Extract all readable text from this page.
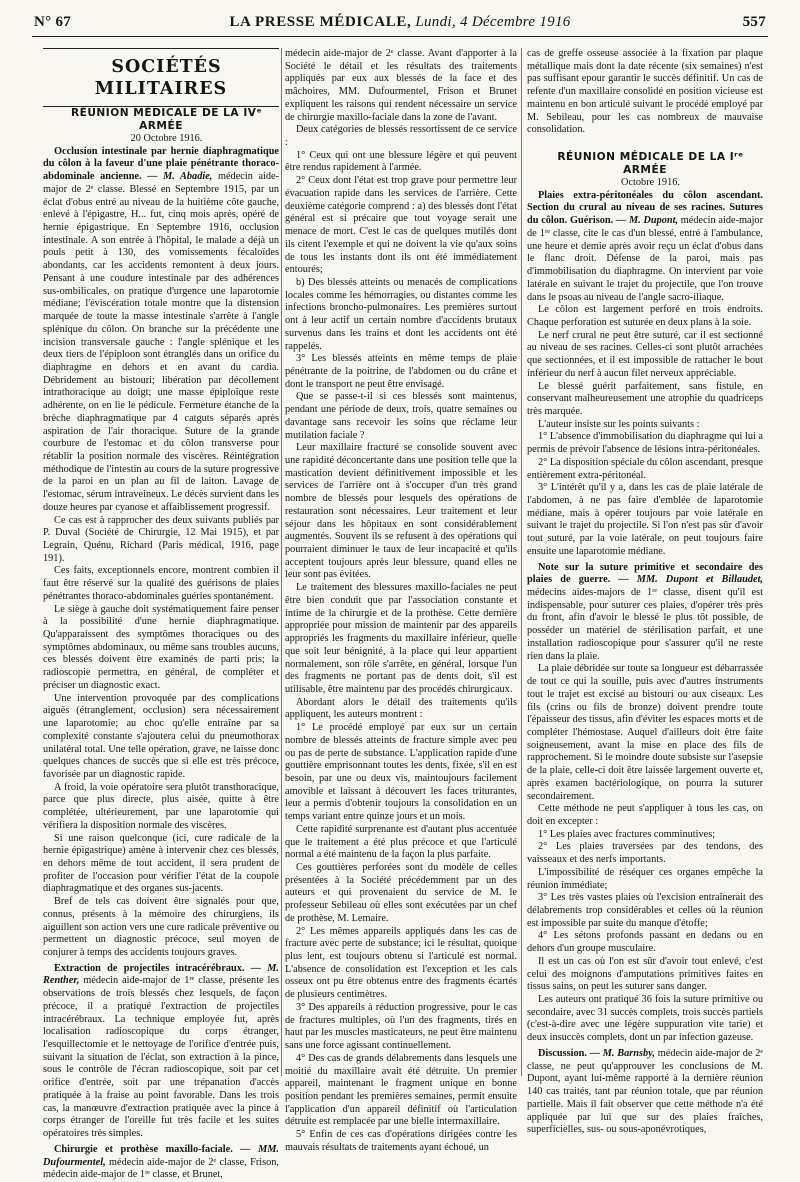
N° 67	LA PRESSE MÉDICALE, Lundi, 4 Décembre 1916	557

SOCIÉTÉS MILITAIRES

RÉUNION MÉDICALE DE LA IVᵉ ARMÉE

20 Octobre 1916.

Occlusion intestinale par hernie diaphragmatique du côlon à la faveur d'une plaie pénétrante thoraco-abdominale ancienne. — M. Abadie, médecin aide-major de 2ᵉ classe. Blessé en Septembre 1915, par un éclat d'obus entré au niveau de la huitième côte gauche, enlevé à l'épigastre, H... fut, cinq mois après, opéré de hernie épigastrique. En Septembre 1916, occlusion intestinale. A son entrée à l'hôpital, le malade a déjà un pouls petit à 130, des vomissements fécaloïdes abondants, car les accidents remontent à deux jours. Pensant à une coudure intestinale par des adhérences sus-ombilicales, on pratique d'urgence une laparotomie médiane; l'éviscération totale montre que la distension marquée de toute la masse intestinale s'arrête à l'angle splénique du côlon. On branche sur la précédente une incision transversale gauche : l'angle splénique et les deux tiers de l'épiploon sont étranglés dans un orifice du diaphragme en dehors et en avant du cardia. Débridement au bistouri; libération par décollement intrathoracique au doigt; une masse épiploïque reste adhérente, on en lie le pédicule. Fermeture étanche de la brèche diaphragmatique par 4 catguts séparés après aspiration de l'air thoracique. Suture de la grande courbure de l'estomac et du côlon transverse pour rétablir la position normale des viscères. Réintégration méthodique de l'intestin au cours de la suture progressive de la paroi en un plan au fil de laiton. Lavage de l'estomac, sérum intraveineux. Le décès survient dans les douze heures par cyanose et affaiblissement progressif.

Ce cas est à rapprocher des deux suivants publiés par P. Duval (Société de Chirurgie, 12 Mai 1915), et par Legrain, Quénu, Richard (Paris médical, 1916, page 191).

Ces faits, exceptionnels encore, montrent combien il faut être réservé sur la qualité des guérisons de plaies pénétrantes thoraco-abdominales guéries spontanément.

Le siège à gauche doit systématiquement faire penser à la possibilité d'une hernie diaphragmatique. Qu'apparaissent des symptômes thoraciques ou des symptômes abdominaux, ou même sans troubles aucuns, ces blessés doivent être examinés de parti pris; la radioscopie permettra, en général, de compléter et préciser un diagnostic exact.

Une intervention provoquée par des complications aiguës (étranglement, occlusion) sera nécessairement une laparotomie; au choc qu'elle entraîne par sa complexité constante s'ajoutera celui du pneumothorax unilatéral total. Une telle opération, grave, ne laisse donc quelques chances de succès que si elle est très précoce, favorisée par un diagnostic rapide.

A froid, la voie opératoire sera plutôt transthoracique, parce que plus directe, plus aisée, quitte à être complétée, ultérieurement, par une laparotomie qui vérifiera la disposition normale des viscères.

Si une raison quelconque (ici, cure radicale de la hernie épigastrique) amène à intervenir chez ces blessés, en dehors même de tout accident, il sera prudent de profiter de l'occasion pour vérifier l'état de la coupole diaphragmatique et des organes sus-jacents.

Bref de tels cas doivent être signalés pour que, connus, présents à la mémoire des chirurgiens, ils aiguillent son action vers une cure radicale préventive ou permettent un diagnostic précoce, seul moyen de conjurer à temps des accidents toujours graves.

Extraction de projectiles intracérébraux. — M. Renther, médecin aide-major de 1ʳᵉ classe, présente les observations de trois blessés chez lesquels, de façon précoce, il a pratiqué l'extraction de projectiles intracérébraux. La technique employée fut, après localisation radioscopique du corps étranger, l'esquillectomie et le nettoyage de l'orifice d'entrée puis, suivant la situation de l'éclat, son extraction à la pince, sous le contrôle de l'écran radioscopique, soit par cet orifice d'entrée, soit par une trépanation d'accès pratiquée à la fraise au point favorable. Dans les trois cas, la manœuvre d'extraction pratiquée avec la pince à corps étranger de l'oreille fut très facile et les suites opératoires très simples.

Chirurgie et prothèse maxillo-faciale. — MM. Dufourmentel, médecin aide-major de 2ᵉ classe, Frison, médecin aide-major de 1ʳᵉ classe, et Brunet,

médecin aide-major de 2ᵉ classe. Avant d'apporter à la Société le détail et les résultats des traitements appliqués par eux aux blessés de la face et des mâchoires, MM. Dufourmentel, Frison et Brunet expliquent les raisons qui rendent nécessaire un service de chirurgie maxillo-faciale dans la zone de l'avant.

Deux catégories de blessés ressortissent de ce service :

1° Ceux qui ont une blessure légère et qui peuvent être rendus rapidement à l'armée.

2° Ceux dont l'état est trop grave pour permettre leur évacuation rapide dans les services de l'arrière. Cette deuxième catégorie comprend : a) des blessés dont l'état général est si précaire que tout voyage serait une menace de mort. C'est le cas de quelques mutilés dont ils citent l'exemple et qui ne doivent la vie qu'aux soins de tous les instants dont ils ont été immédiatement entourés;

b) Des blessés atteints ou menacés de complications locales comme les hémorragies, ou distantes comme les infections broncho-pulmonaires. Les premières surtout ont à leur actif un certain nombre d'accidents brutaux survenus dans les trains et dont les accidents ont été rappelés.

3° Les blessés atteints en même temps de plaie pénétrante de la poitrine, de l'abdomen ou du crâne et dont le transport ne peut être envisagé.

Que se passe-t-il si ces blessés sont maintenus, pendant une période de deux, trois, quatre semaines ou davantage sans recevoir les soins que réclame leur mutilation faciale ?

Leur maxillaire fracturé se consolide souvent avec une rapidité déconcertante dans une position telle que la mastication devient définitivement impossible et les services de l'arrière ont à s'occuper d'un très grand nombre de blessés pour lesquels des opérations de restauration sont nécessaires. Leur traitement et leur séjour dans les hôpitaux en sont considérablement augmentés. Souvent ils se refusent à des opérations qui pourraient diminuer le taux de leur incapacité et qu'ils acceptent toujours après leur blessure, quand elles ne leur sont pas évitées.

Le traitement des blessures maxillo-faciales ne peut être bien conduit que par l'association constante et intime de la chirurgie et de la prothèse. Cette dernière appropriée pour mission de maintenir par des appareils appropriés les fragments du maxillaire inférieur, quelle que soit leur bénignité, à la place qui leur appartient normalement, son rôle s'arrête, en général, lorsque l'un des fragments ne portant pas de dents doit, s'il est utilisable, être maintenu par des procédés chirurgicaux.

Abordant alors le détail des traitements qu'ils appliquent, les auteurs montrent :

1° Le procédé employé par eux sur un certain nombre de blessés atteints de fracture simple avec peu ou pas de perte de substance. L'application rapide d'une gouttière emprisonnant toutes les dents, fixée, s'il en est besoin, par une ou deux vis, maintoujours facilement amovible et laissant à découvert les faces triturantes, leur a permis d'obtenir toujours la consolidation en un temps variant entre quinze jours et un mois.

Cette rapidité surprenante est d'autant plus accentuée que le traitement a été plus précoce et que l'articulé normal a été maintenu de la façon la plus parfaite.

Ces gouttières perforées sont du modèle de celles présentées à la Société précédemment par un des auteurs et qui provenaient du service de M. le professeur Sebileau où elles sont exécutées par un chef de prothèse, M. Lemaire.

2° Les mêmes appareils appliqués dans les cas de fracture avec perte de substance; ici le résultat, quoique plus lent, est toujours obtenu si l'articulé est normal. L'absence de consolidation est l'exception et les cals osseux ont pu être obtenus entre des fragments écartés de plusieurs centimètres.

3° Des appareils à réduction progressive, pour le cas de fractures multiples, où l'un des fragments, tirés en haut par les muscles masticateurs, ne peut être maintenu sans une force agissant continuellement.

4° Des cas de grands délabrements dans lesquels une moitié du maxillaire avait été détruite. Un premier appareil, maintenant le fragment unique en bonne position pendant les premières semaines, permit ensuite l'application d'un appareil définitif où l'articulation détruite est remplacée par une bielle intermaxillaire.

5° Enfin de ces cas d'opérations dirigées contre les mauvais résultats de traitements ayant échoué, un

cas de greffe osseuse associée à la fixation par plaque métallique mais dont la date récente (six semaines) n'est pas suffisant epour garantir le succès définitif. Un cas de refente d'un maxillaire consolidé en position vicieuse est maintenu en bon articulé suivant le procédé employé par M. Sebileau, pour les cas nombreux de mauvaise consolidation.

RÉUNION MÉDICALE DE LA Iʳᵉ ARMÉE

Octobre 1916.

Plaies extra-péritonéales du côlon ascendant. Section du crural au niveau de ses racines. Sutures du côlon. Guérison. — M. Dupont, médecin aide-major de 1ʳᵉ classe, cite le cas d'un blessé, entré à l'ambulance, une heure et demie après avoir reçu un éclat d'obus dans le flanc droit. Défense de la paroi, mais pas d'immobilisation du diaphragme. On intervient par voie latérale en suivant le trajet du projectile, que l'on trouve dans le psoas au niveau de l'angle sacro-iliaque.

Le côlon est largement perforé en trois endroits. Chaque perforation est suturée en deux plans à la soie.

Le nerf crural ne peut être suturé, car il est sectionné au niveau de ses racines. Celles-ci sont plutôt arrachées que sectionnées, et il est impossible de rattacher le bout inférieur du nerf à aucun filet nerveux appréciable.

Le blessé guérit parfaitement, sans fistule, en conservant malheureusement une atrophie du quadriceps très marquée.

L'auteur insiste sur les points suivants :

1° L'absence d'immobilisation du diaphragme qui lui a permis de prévoir l'absence de lésions intra-péritonéales.

2° La disposition spéciale du côlon ascendant, presque entièrement extra-péritonéal.

3° L'intérêt qu'il y a, dans les cas de plaie latérale de l'abdomen, à ne pas faire d'emblée de laparotomie médiane, mais à opérer toujours par voie latérale en suivant le trajet du projectile. Si l'on n'est pas sûr d'avoir tout suturé, par la voie latérale, on peut toujours faire ensuite une laparotomie médiane.

Note sur la suture primitive et secondaire des plaies de guerre. — MM. Dupont et Billaudet, médecins aides-majors de 1ʳᵉ classe, disent qu'il est indispensable, pour suturer ces plaies, d'opérer très près du front, afin d'avoir le blessé le plus tôt possible, de posséder un matériel de stérilisation parfait, et une installation radioscopique pour s'assurer qu'il ne reste rien dans la plaie.

La plaie débridée sur toute sa longueur est débarrassée de tout ce qui la souille, puis avec d'autres instruments tout le trajet est excisé au bistouri ou aux ciseaux. Les fils (crins ou fils de bronze) doivent prendre toute l'épaisseur des tissus, afin d'éviter les espaces morts et de compléter l'hémostase. Auquel d'ailleurs doit être faite soigneusement, avant la mise en place des fils de rapprochement. Si le moindre doute subsiste sur l'asepsie de la plaie, celle-ci doit être laissée largement ouverte et, après examen bactériologique, on pourra la suturer secondairement.

Cette méthode ne peut s'appliquer à tous les cas, on doit en excepter :

1° Les plaies avec fractures comminutives;

2° Les plaies traversées par des tendons, des vaisseaux et des nerfs importants.

L'impossibilité de réséquer ces organes empêche la réunion immédiate;

3° Les très vastes plaies où l'excision entraînerait des délabrements trop considérables et celles où la réunion est impossible par suite du manque d'étoffe;

4° Les sétons profonds passant en dedans ou en dehors d'un groupe musculaire.

Il est un cas où l'on est sûr d'avoir tout enlevé, c'est celui des moignons d'amputations primitives faites en tissus sains, on peut les suturer sans danger.

Les auteurs ont pratiqué 36 fois la suture primitive ou secondaire, avec 31 succès complets, trois succès partiels (c'est-à-dire avec une légère suppuration vite tarie) et deux insuccès complets, dont un par infection gazeuse.

Discussion. — M. Barnsby, médecin aide-major de 2ᵉ classe, ne peut qu'approuver les conclusions de M. Dupont, ayant lui-même rapporté à la dernière réunion 140 cas traités, tant par réunion totale, que par réunion partielle. Mais il fait observer que cette méthode n'a été appliquée par lui que sur des plaies fraîches, superficielles, sus- ou sous-aponévrotiques,
